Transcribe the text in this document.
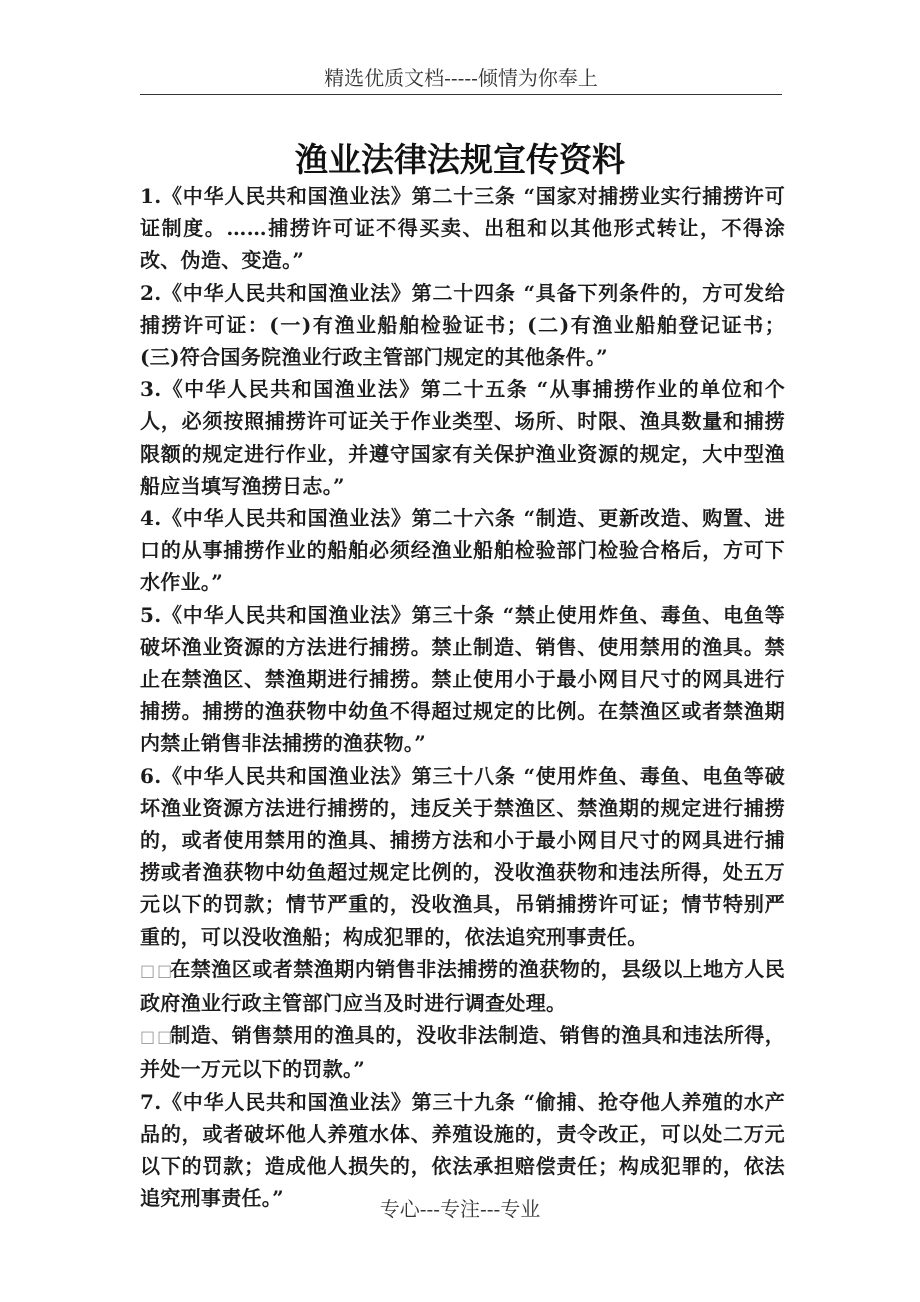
精选优质文档-----倾情为你奉上
渔业法律法规宣传资料

1.《中华人民共和国渔业法》第二十三条 “国家对捕捞业实行捕捞许可证制度。……捕捞许可证不得买卖、出租和以其他形式转让，不得涂改、伪造、变造。”

2.《中华人民共和国渔业法》第二十四条 “具备下列条件的，方可发给捕捞许可证：(一)有渔业船舶检验证书；(二)有渔业船舶登记证书；(三)符合国务院渔业行政主管部门规定的其他条件。”

3.《中华人民共和国渔业法》第二十五条 “从事捕捞作业的单位和个人，必须按照捕捞许可证关于作业类型、场所、时限、渔具数量和捕捞限额的规定进行作业，并遵守国家有关保护渔业资源的规定，大中型渔船应当填写渔捞日志。”

4.《中华人民共和国渔业法》第二十六条 “制造、更新改造、购置、进口的从事捕捞作业的船舶必须经渔业船舶检验部门检验合格后，方可下水作业。”

5.《中华人民共和国渔业法》第三十条 “禁止使用炸鱼、毒鱼、电鱼等破坏渔业资源的方法进行捕捞。禁止制造、销售、使用禁用的渔具。禁止在禁渔区、禁渔期进行捕捞。禁止使用小于最小网目尺寸的网具进行捕捞。捕捞的渔获物中幼鱼不得超过规定的比例。在禁渔区或者禁渔期内禁止销售非法捕捞的渔获物。”

6.《中华人民共和国渔业法》第三十八条 “使用炸鱼、毒鱼、电鱼等破坏渔业资源方法进行捕捞的，违反关于禁渔区、禁渔期的规定进行捕捞的，或者使用禁用的渔具、捕捞方法和小于最小网目尺寸的网具进行捕捞或者渔获物中幼鱼超过规定比例的，没收渔获物和违法所得，处五万元以下的罚款；情节严重的，没收渔具，吊销捕捞许可证；情节特别严重的，可以没收渔船；构成犯罪的，依法追究刑事责任。

□□在禁渔区或者禁渔期内销售非法捕捞的渔获物的，县级以上地方人民政府渔业行政主管部门应当及时进行调查处理。

□□制造、销售禁用的渔具的，没收非法制造、销售的渔具和违法所得，并处一万元以下的罚款。”

7.《中华人民共和国渔业法》第三十九条 “偷捕、抢夺他人养殖的水产品的，或者破坏他人养殖水体、养殖设施的，责令改正，可以处二万元以下的罚款；造成他人损失的，依法承担赔偿责任；构成犯罪的，依法追究刑事责任。”	专心---专注---专业
